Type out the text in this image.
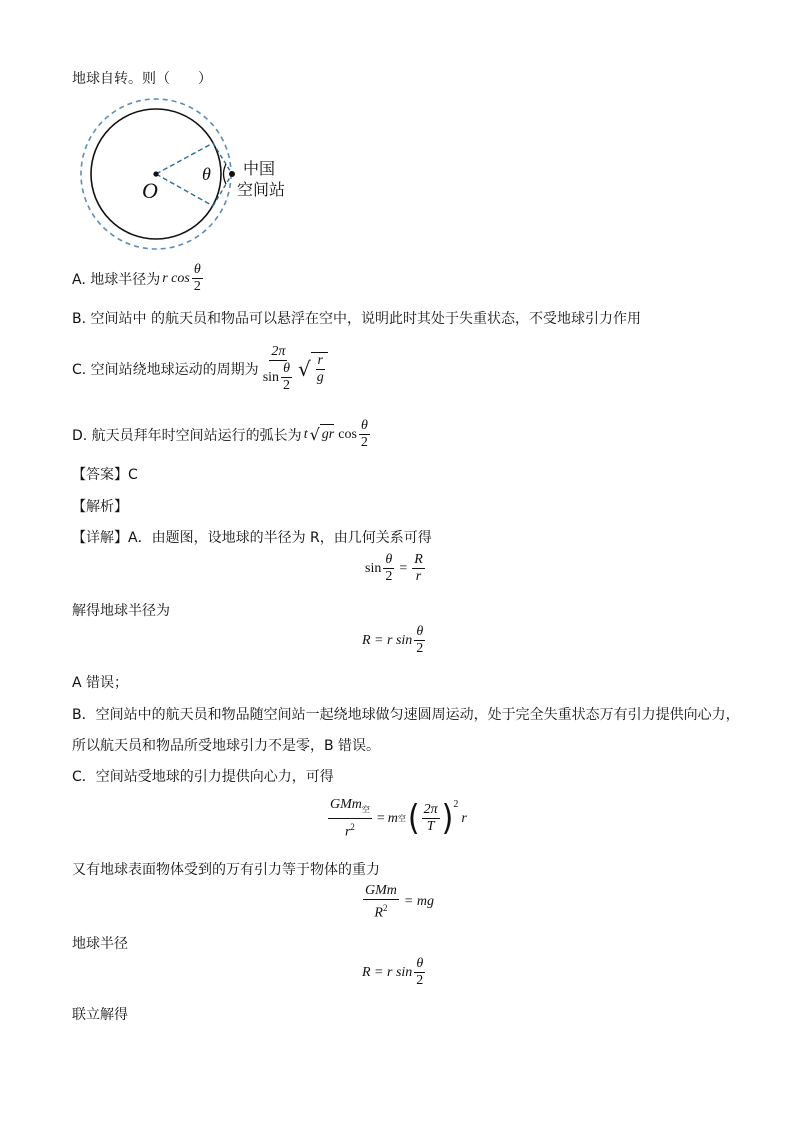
地球自转。则（　　）
O
θ 中国
空间站
A. 地球半径为 r $\cos \frac{\theta}{2}$
B. 空间站中 的航天员和物品可以悬浮在空中，说明此时其处于失重状态，不受地球引力作用
C. 空间站绕地球运动的周期为 $\frac{2\pi}{\sin \frac{\theta}{2}}$ √ $\frac{r}{g}$
D. 航天员拜年时空间站运行的弧长为 t √ gr $\cos \frac{\theta}{2}$
【答案】C
【解析】
【详解】A．由题图，设地球的半径为 R，由几何关系可得
$\sin \frac{\theta}{2} = \frac{R}{r}$
解得地球半径为
R = r $\sin \frac{\theta}{2}$
A 错误；
B．空间站中的航天员和物品随空间站一起绕地球做匀速圆周运动，处于完全失重状态万有引力提供向心力，
所以航天员和物品所受地球引力不是零，B 错误。
C．空间站受地球的引力提供向心力，可得
$\frac{GMm_空}{r^2} = m$ 空 ( $\frac{2\pi}{T}$ ) 2
r
又有地球表面物体受到的万有引力等于物体的重力
$\frac{\text{GMm}}{R^2}$ = mg
地球半径
R = r $\sin \frac{\theta}{2}$
联立解得
